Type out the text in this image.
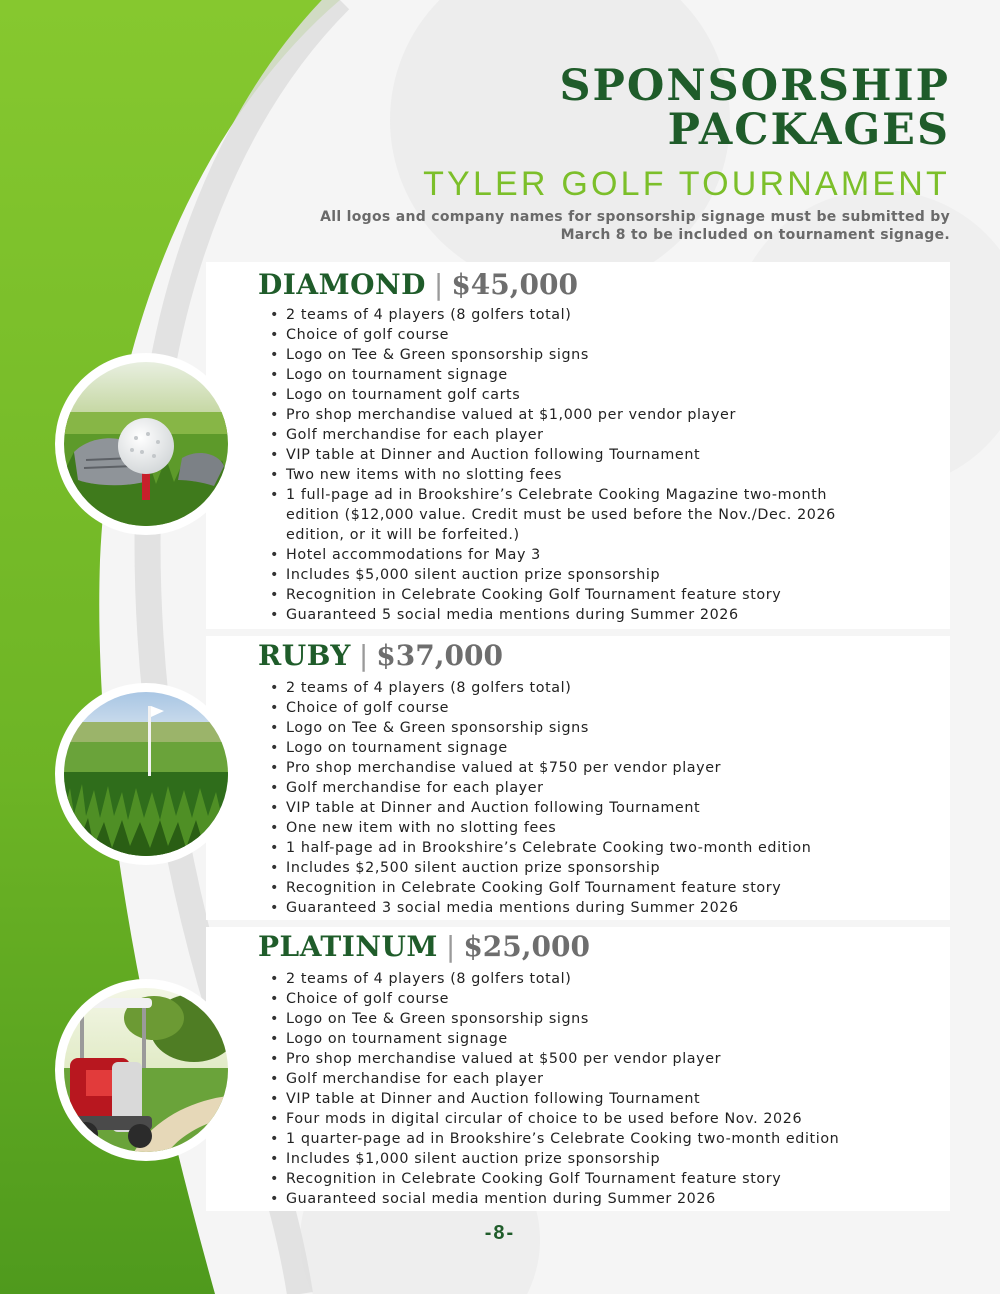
SPONSORSHIP
PACKAGES
TYLER GOLF TOURNAMENT
All logos and company names for sponsorship signage must be submitted by
March 8 to be included on tournament signage.
DIAMOND | $45,000
• 2 teams of 4 players (8 golfers total)
• Choice of golf course
• Logo on Tee & Green sponsorship signs
• Logo on tournament signage
• Logo on tournament golf carts
• Pro shop merchandise valued at $1,000 per vendor player
• Golf merchandise for each player
• VIP table at Dinner and Auction following Tournament
• Two new items with no slotting fees
• 1 full-page ad in Brookshire’s Celebrate Cooking Magazine two-month edition ($12,000 value. Credit must be used before the Nov./Dec. 2026 edition, or it will be forfeited.)
• Hotel accommodations for May 3
• Includes $5,000 silent auction prize sponsorship
• Recognition in Celebrate Cooking Golf Tournament feature story
• Guaranteed 5 social media mentions during Summer 2026
RUBY | $37,000
• 2 teams of 4 players (8 golfers total)
• Choice of golf course
• Logo on Tee & Green sponsorship signs
• Logo on tournament signage
• Pro shop merchandise valued at $750 per vendor player
• Golf merchandise for each player
• VIP table at Dinner and Auction following Tournament
• One new item with no slotting fees
• 1 half-page ad in Brookshire’s Celebrate Cooking two-month edition
• Includes $2,500 silent auction prize sponsorship
• Recognition in Celebrate Cooking Golf Tournament feature story
• Guaranteed 3 social media mentions during Summer 2026
PLATINUM | $25,000
• 2 teams of 4 players (8 golfers total)
• Choice of golf course
• Logo on Tee & Green sponsorship signs
• Logo on tournament signage
• Pro shop merchandise valued at $500 per vendor player
• Golf merchandise for each player
• VIP table at Dinner and Auction following Tournament
• Four mods in digital circular of choice to be used before Nov. 2026
• 1 quarter-page ad in Brookshire’s Celebrate Cooking two-month edition
• Includes $1,000 silent auction prize sponsorship
• Recognition in Celebrate Cooking Golf Tournament feature story
• Guaranteed social media mention during Summer 2026
-8-
